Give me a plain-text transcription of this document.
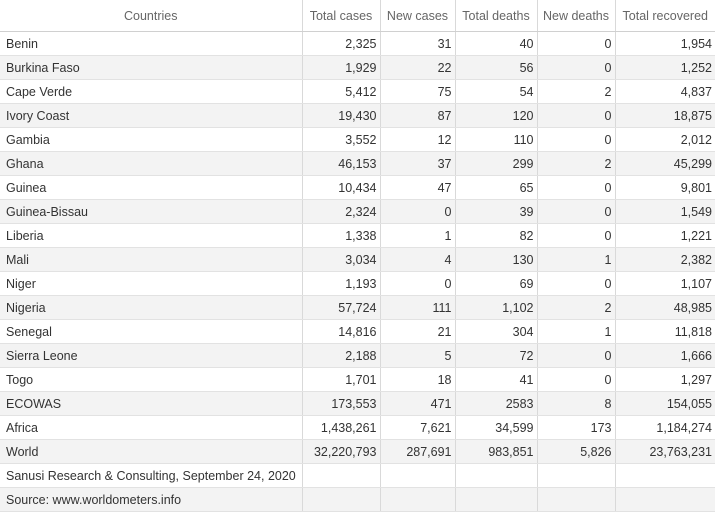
Countries	Total cases	New cases	Total deaths	New deaths	Total recovered
Benin	2,325	31	40	0	1,954
Burkina Faso	1,929	22	56	0	1,252
Cape Verde	5,412	75	54	2	4,837
Ivory Coast	19,430	87	120	0	18,875
Gambia	3,552	12	110	0	2,012
Ghana	46,153	37	299	2	45,299
Guinea	10,434	47	65	0	9,801
Guinea-Bissau	2,324	0	39	0	1,549
Liberia	1,338	1	82	0	1,221
Mali	3,034	4	130	1	2,382
Niger	1,193	0	69	0	1,107
Nigeria	57,724	111	1,102	2	48,985
Senegal	14,816	21	304	1	11,818
Sierra Leone	2,188	5	72	0	1,666
Togo	1,701	18	41	0	1,297
ECOWAS	173,553	471	2583	8	154,055
Africa	1,438,261	7,621	34,599	173	1,184,274
World	32,220,793	287,691	983,851	5,826	23,763,231
Sanusi Research & Consulting, September 24, 2020					
Source: www.worldometers.info					
